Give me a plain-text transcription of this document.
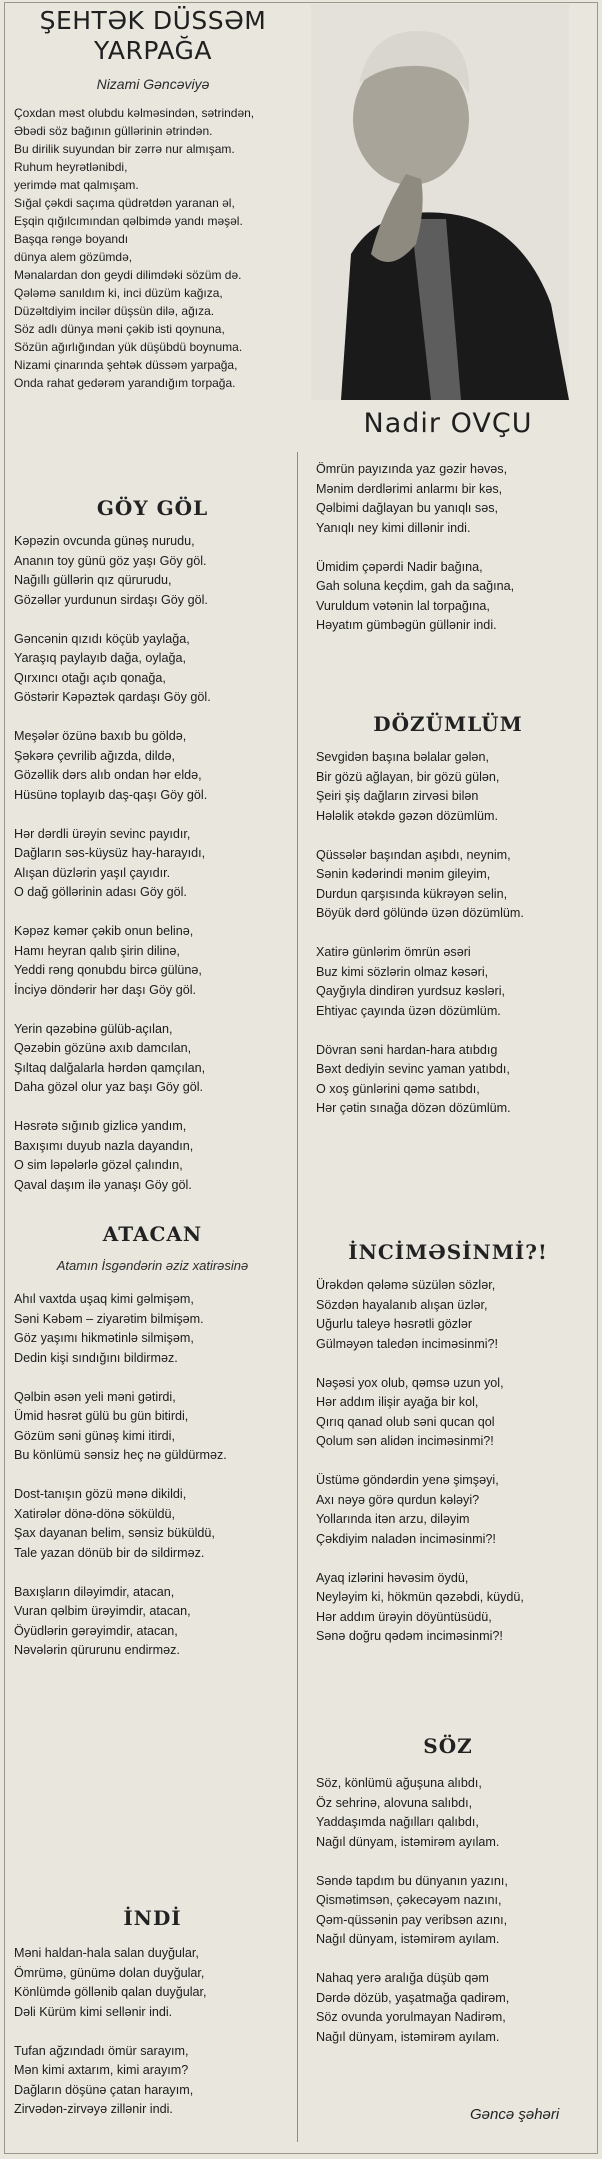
ŞEHTƏK DÜSSƏM
YARPAĞA
Nizami Gəncəviyə
Nadir OVÇU
Çoxdan məst olubdu kəlməsindən, sətrindən,
Əbədi söz bağının güllərinin ətrindən.
Bu dirilik suyundan bir zərrə nur almışam.
Ruhum heyrətlənibdi,
yerimdə mat qalmışam.
Sığal çəkdi saçıma qüdrətdən yaranan əl,
Eşqin qığılcımından qəlbimdə yandı məşəl.
Başqa rəngə boyandı
dünya alem gözümdə,
Mənalardan don geydi dilimdəki sözüm də.
Qələmə sanıldım ki, inci düzüm kağıza,
Düzəltdiyim incilər düşsün dilə, ağıza.
Söz adlı dünya məni çəkib isti qoynuna,
Sözün ağırlığından yük düşübdü boynuma.
Nizami çinarında şehtək düssəm yarpağa,
Onda rahat gedərəm yarandığım torpağa.
GÖY GÖL
Kəpəzin ovcunda günəş nurudu,
Ananın toy günü göz yaşı Göy göl.
Nağıllı güllərin qız qürurudu,
Gözəllər yurdunun sirdaşı Göy göl.
Gəncənin qızıdı köçüb yaylağa,
Yaraşıq paylayıb dağa, oylağa,
Qırxıncı otağı açıb qonağa,
Göstərir Kəpəztək qardaşı Göy göl.
Meşələr özünə baxıb bu göldə,
Şəkərə çevrilib ağızda, dildə,
Gözəllik dərs alıb ondan hər eldə,
Hüsünə toplayıb daş-qaşı Göy göl.
Hər dərdli ürəyin sevinc payıdır,
Dağların səs-küysüz hay-harayıdı,
Alışan düzlərin yaşıl çayıdır.
O dağ göllərinin adası Göy göl.
Kəpəz kəmər çəkib onun belinə,
Hamı heyran qalıb şirin dilinə,
Yeddi rəng qonubdu bircə gülünə,
İnciyə döndərir hər daşı Göy göl.
Yerin qəzəbinə gülüb-açılan,
Qəzəbin gözünə axıb damcılan,
Şıltaq dalğalarla hərdən qamçılan,
Daha gözəl olur yaz başı Göy göl.
Həsrətə sığınıb gizlicə yandım,
Baxışımı duyub nazla dayandın,
O sim ləpələrlə gözəl çalındın,
Qaval daşım ilə yanaşı Göy göl.
ATACAN
Atamın İsgəndərin əziz xatirəsinə
Ahıl vaxtda uşaq kimi gəlmişəm,
Səni Kəbəm – ziyarətim bilmişəm.
Göz yaşımı hikmətinlə silmişəm,
Dedin kişi sındığını bildirməz.
Qəlbin əsən yeli məni gətirdi,
Ümid həsrət gülü bu gün bitirdi,
Gözüm səni günəş kimi itirdi,
Bu könlümü sənsiz heç nə güldürməz.
Dost-tanışın gözü mənə dikildi,
Xatirələr dönə-dönə söküldü,
Şax dayanan belim, sənsiz büküldü,
Tale yazan dönüb bir də sildirməz.
Baxışların diləyimdir, atacan,
Vuran qəlbim ürəyimdir, atacan,
Öyüdlərin gərəyimdir, atacan,
Nəvələrin qürurunu endirməz.
İNDİ
Məni haldan-hala salan duyğular,
Ömrümə, günümə dolan duyğular,
Könlümdə göllənib qalan duyğular,
Dəli Kürüm kimi sellənir indi.
Tufan ağzındadı ömür sarayım,
Mən kimi axtarım, kimi arayım?
Dağların döşünə çatan harayım,
Zirvədən-zirvəyə zillənir indi.
Ömrün payızında yaz gəzir həvəs,
Mənim dərdlərimi anlarmı bir kəs,
Qəlbimi dağlayan bu yanıqlı səs,
Yanıqlı ney kimi dillənir indi.
Ümidim çəpərdi Nadir bağına,
Gah soluna keçdim, gah da sağına,
Vuruldum vətənin lal torpağına,
Həyatım gümbəgün güllənir indi.
DÖZÜMLÜM
Sevgidən başına bəlalar gələn,
Bir gözü ağlayan, bir gözü gülən,
Şeiri şiş dağların zirvəsi bilən
Hələlik ətəkdə gəzən dözümlüm.
Qüssələr başından aşıbdı, neynim,
Sənin kədərindi mənim gileyim,
Durdun qarşısında kükrəyən selin,
Böyük dərd gölündə üzən dözümlüm.
Xatirə günlərim ömrün əsəri
Buz kimi sözlərin olmaz kəsəri,
Qayğıyla dindirən yurdsuz kəsləri,
Ehtiyac çayında üzən dözümlüm.
Dövran səni hardan-hara atıbdıg
Bəxt dediyin sevinc yaman yatıbdı,
O xoş günlərini qəmə satıbdı,
Hər çətin sınağa dözən dözümlüm.
İNCİMƏSİNMİ?!
Ürəkdən qələmə süzülən sözlər,
Sözdən hayalanıb alışan üzlər,
Uğurlu taleyə həsrətli gözlər
Gülməyən taledən inciməsinmi?!
Nəşəsi yox olub, qəmsə uzun yol,
Hər addım ilişir ayağa bir kol,
Qırıq qanad olub səni qucan qol
Qolum sən alidən inciməsinmi?!
Üstümə göndərdin yenə şimşəyi,
Axı nəyə görə qurdun kələyi?
Yollarında itən arzu, diləyim
Çəkdiyim naladən inciməsinmi?!
Ayaq izlərini həvəsim öydü,
Neyləyim ki, hökmün qəzəbdi, küydü,
Hər addım ürəyin döyüntüsüdü,
Sənə doğru qədəm inciməsinmi?!
SÖZ
Söz, könlümü ağuşuna alıbdı,
Öz sehrinə, alovuna salıbdı,
Yaddaşımda nağılları qalıbdı,
Nağıl dünyam, istəmirəm ayılam.
Səndə tapdım bu dünyanın yazını,
Qismətimsən, çəkecəyəm nazını,
Qəm-qüssənin pay veribsən azını,
Nağıl dünyam, istəmirəm ayılam.
Nahaq yerə aralığa düşüb qəm
Dərdə dözüb, yaşatmağa qadirəm,
Söz ovunda yorulmayan Nadirəm,
Nağıl dünyam, istəmirəm ayılam.
Gəncə şəhəri
